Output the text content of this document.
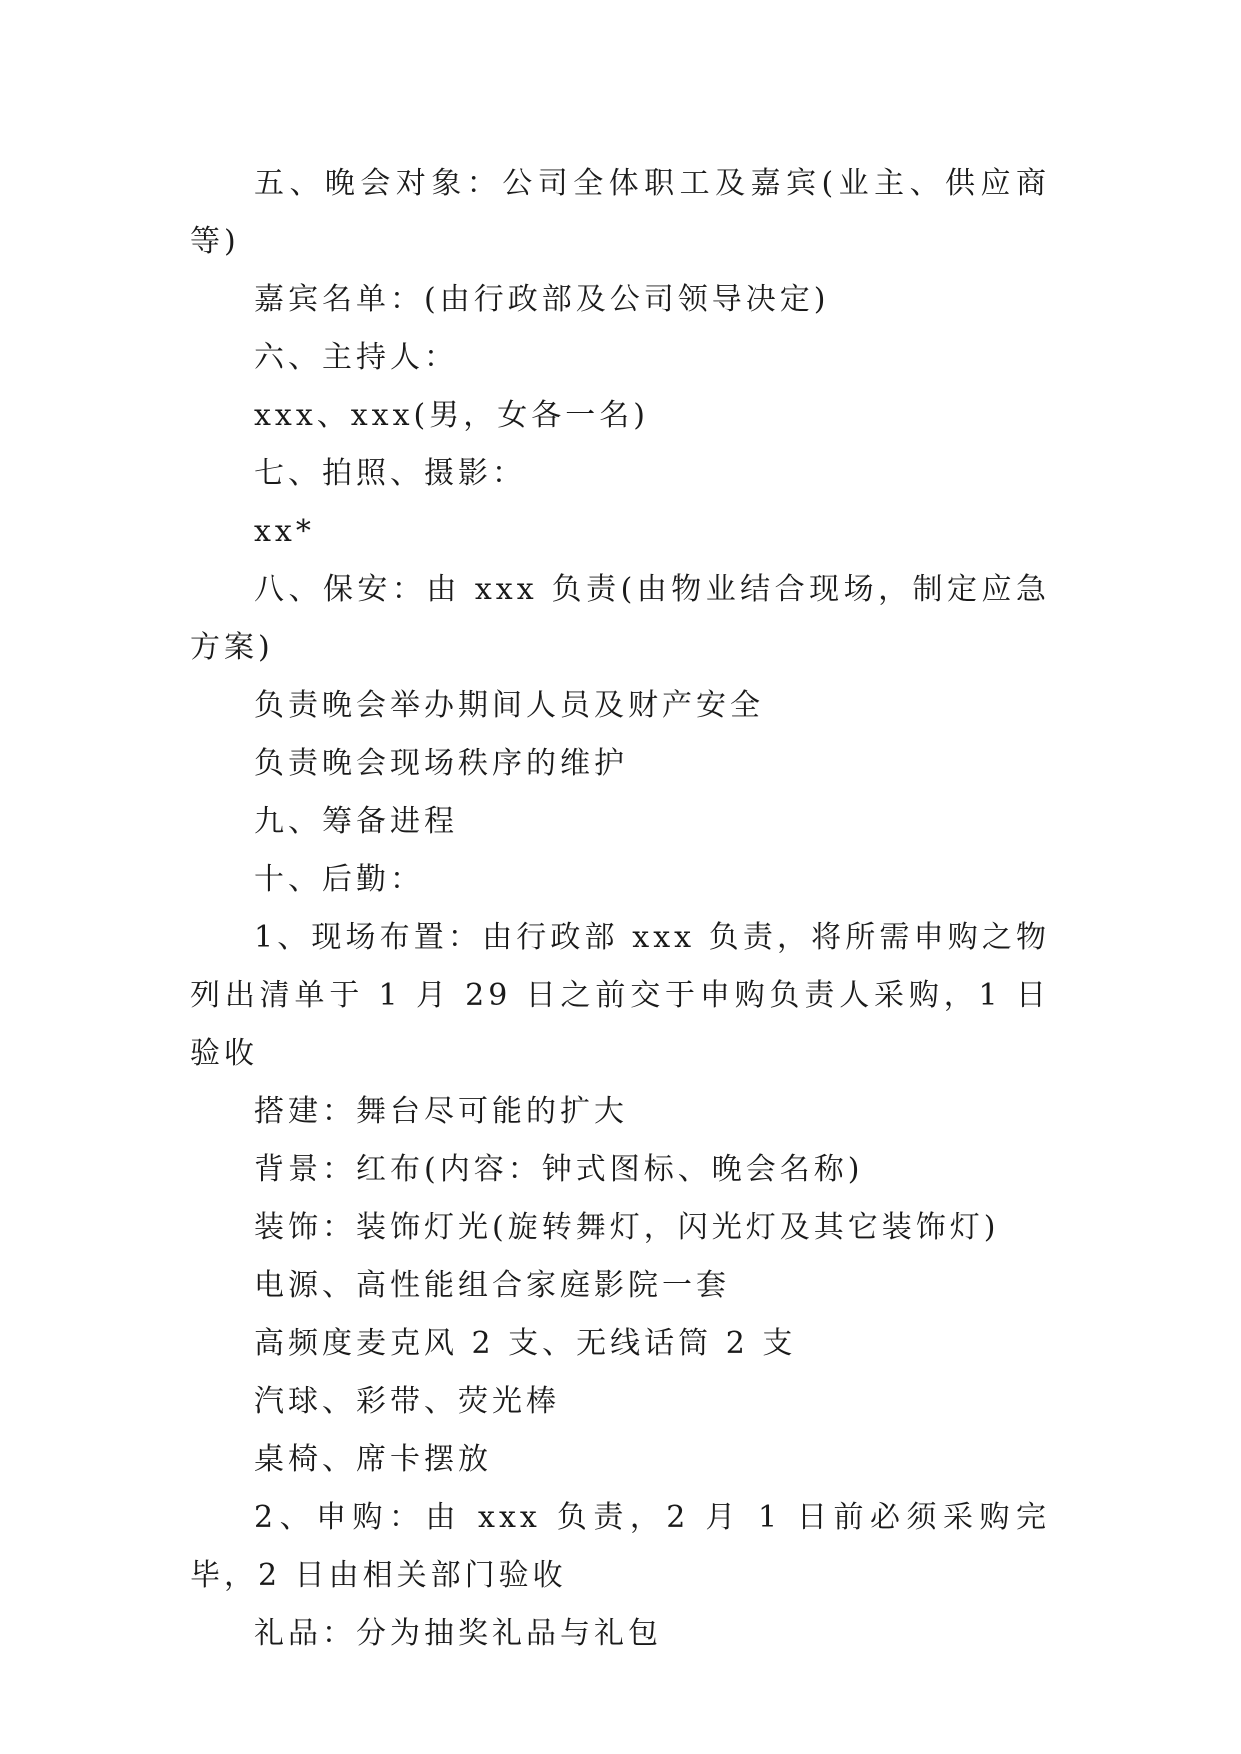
五、晚会对象：公司全体职工及嘉宾(业主、供应商等)

嘉宾名单：(由行政部及公司领导决定)

六、主持人：

xxx、xxx(男，女各一名)

七、拍照、摄影：

xx*

八、保安：由 xxx 负责(由物业结合现场，制定应急方案)

负责晚会举办期间人员及财产安全

负责晚会现场秩序的维护

九、筹备进程

十、后勤：

1、现场布置：由行政部 xxx 负责，将所需申购之物列出清单于 1 月 29 日之前交于申购负责人采购，1 日验收

搭建：舞台尽可能的扩大

背景：红布(内容：钟式图标、晚会名称)

装饰：装饰灯光(旋转舞灯，闪光灯及其它装饰灯)

电源、高性能组合家庭影院一套

高频度麦克风 2 支、无线话筒 2 支

汽球、彩带、荧光棒

桌椅、席卡摆放

2、申购：由 xxx 负责，2 月 1 日前必须采购完毕，2 日由相关部门验收

礼品：分为抽奖礼品与礼包
